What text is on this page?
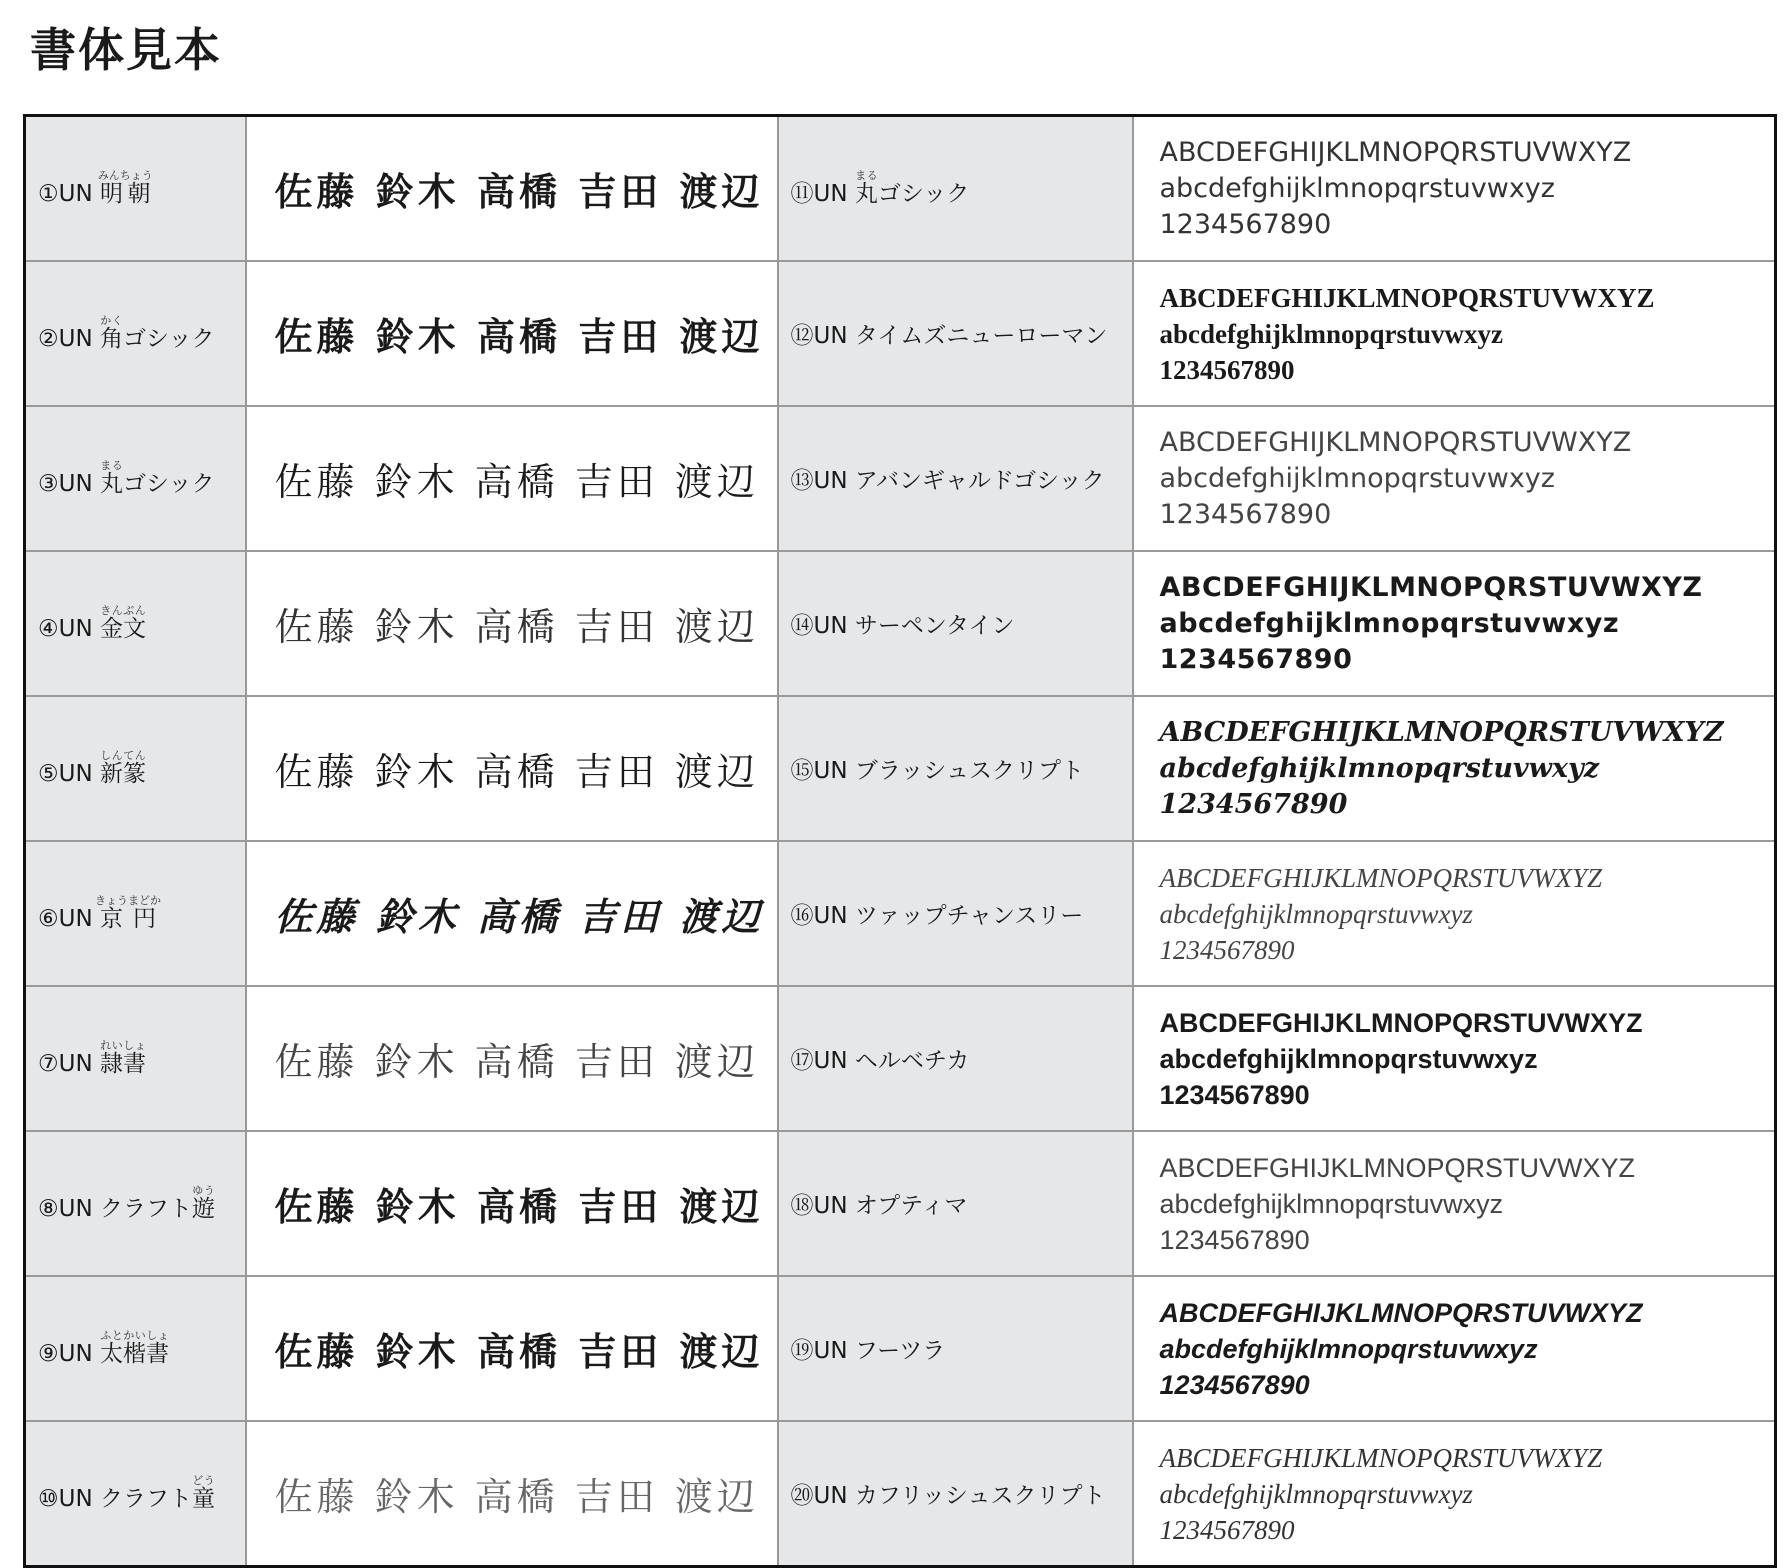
書体見本
①UN 明朝みんちょう	佐藤 鈴木 高橋 吉田 渡辺	⑪UN 丸まるゴシック	ABCDEFGHIJKLMNOPQRSTUVWXYZ
abcdefghijklmnopqrstuvwxyz
1234567890

②UN 角かくゴシック	佐藤 鈴木 高橋 吉田 渡辺	⑫UN タイムズニューローマン	ABCDEFGHIJKLMNOPQRSTUVWXYZ
abcdefghijklmnopqrstuvwxyz
1234567890

③UN 丸まるゴシック	佐藤 鈴木 高橋 吉田 渡辺	⑬UN アバンギャルドゴシック	ABCDEFGHIJKLMNOPQRSTUVWXYZ
abcdefghijklmnopqrstuvwxyz
1234567890

④UN 金文きんぶん	佐藤 鈴木 高橋 吉田 渡辺	⑭UN サーペンタイン	ABCDEFGHIJKLMNOPQRSTUVWXYZ
abcdefghijklmnopqrstuvwxyz
1234567890

⑤UN 新篆しんてん	佐藤 鈴木 高橋 吉田 渡辺	⑮UN ブラッシュスクリプト	ABCDEFGHIJKLMNOPQRSTUVWXYZ
abcdefghijklmnopqrstuvwxyz
1234567890

⑥UN 京円きょうまどか	佐藤 鈴木 高橋 吉田 渡辺	⑯UN ツァップチャンスリー	ABCDEFGHIJKLMNOPQRSTUVWXYZ
abcdefghijklmnopqrstuvwxyz
1234567890

⑦UN 隷書れいしょ	佐藤 鈴木 高橋 吉田 渡辺	⑰UN ヘルベチカ	ABCDEFGHIJKLMNOPQRSTUVWXYZ
abcdefghijklmnopqrstuvwxyz
1234567890

⑧UN クラフト遊ゆう	佐藤 鈴木 高橋 吉田 渡辺	⑱UN オプティマ	ABCDEFGHIJKLMNOPQRSTUVWXYZ
abcdefghijklmnopqrstuvwxyz
1234567890

⑨UN 太楷書ふとかいしょ	佐藤 鈴木 高橋 吉田 渡辺	⑲UN フーツラ	ABCDEFGHIJKLMNOPQRSTUVWXYZ
abcdefghijklmnopqrstuvwxyz
1234567890

⑩UN クラフト童どう	佐藤 鈴木 高橋 吉田 渡辺	⑳UN カフリッシュスクリプト	ABCDEFGHIJKLMNOPQRSTUVWXYZ
abcdefghijklmnopqrstuvwxyz
1234567890
